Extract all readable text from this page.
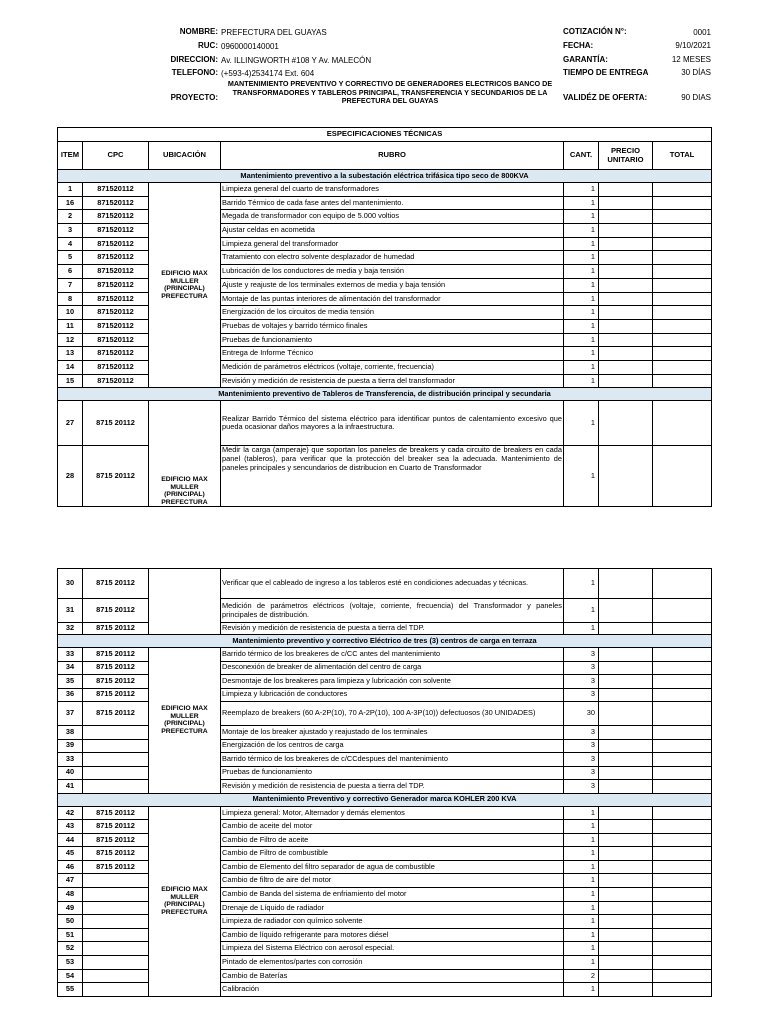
NOMBRE: PREFECTURA DEL GUAYAS
RUC: 0960000140001
DIRECCION: Av. ILLINGWORTH #108 Y Av. MALECÓN
TELEFONO: (+593-4)2534174 Ext. 604
PROYECTO:
MANTENIMIENTO PREVENTIVO Y CORRECTIVO DE GENERADORES ELECTRICOS BANCO DE TRANSFORMADORES Y TABLEROS PRINCIPAL, TRANSFERENCIA Y SECUNDARIOS DE LA PREFECTURA DEL GUAYAS
COTIZACIÓN N°:	0001
FECHA:	9/10/2021
GARANTÍA:	12 MESES
TIEMPO DE ENTREGA	30 DÍAS
VALIDÉZ DE OFERTA:	90 DIAS
ESPECIFICACIONES TÉCNICAS						
ITEM	CPC	UBICACIÓN	RUBRO	CANT.	PRECIO UNITARIO	TOTAL
Mantenimiento preventivo a la subestación eléctrica trifásica tipo seco de 800KVA						
1	871520112	EDIFICIO MAX MULLER (PRINCIPAL) PREFECTURA	Limpieza general del cuarto de transformadores	1		
16	871520112		Barrido Térmico de cada fase antes del mantenimiento.	1		
2	871520112		Megada de transformador con equipo de 5.000 voltios	1		
3	871520112		Ajustar celdas en acometida	1		
4	871520112		Limpieza general del transformador	1		
5	871520112		Tratamiento con electro solvente desplazador de humedad	1		
6	871520112		Lubricación de los conductores de media y baja tensión	1		
7	871520112		Ajuste y reajuste de los terminales externos de media y baja tensión	1		
8	871520112		Montaje de las puntas interiores de alimentación del transformador	1		
10	871520112		Energización de los circuitos de media tensión	1		
11	871520112		Pruebas de voltajes y barrido térmico finales	1		
12	871520112		Pruebas de funcionamiento	1		
13	871520112		Entrega de Informe Técnico	1		
14	871520112		Medición de parámetros eléctricos (voltaje, corriente, frecuencia)	1		
15	871520112		Revisión y medición de resistencia de puesta a tierra del transformador	1		
Mantenimiento preventivo de Tableros de Transferencia, de distribución principal y secundaria						
27	8715 20112	EDIFICIO MAX MULLER (PRINCIPAL) PREFECTURA	Realizar Barrido Térmico del sistema eléctrico para identificar puntos de calentamiento excesivo que pueda ocasionar daños mayores a la infraestructura.	1		
28	8715 20112		Medir la carga (amperaje) que soportan los paneles de breakers y cada circuito de breakers en cada panel (tableros), para verificar que la protección del breaker sea la adecuada. Mantenimiento de paneles principales y sencundarios de distribucion en Cuarto de Transformador	1		
30	8715 20112		Verificar que el cableado de ingreso a los tableros esté en condiciones adecuadas y técnicas.	1		
31	8715 20112		Medición de parámetros eléctricos (voltaje, corriente, frecuencia) del Transformador y paneles principales de distribución.	1		
32	8715 20112		Revisión y medición de resistencia de puesta a tierra del TDP.	1		
Mantenimiento preventivo y correctivo Eléctrico de tres (3) centros de carga en terraza						
33	8715 20112	EDIFICIO MAX MULLER (PRINCIPAL) PREFECTURA	Barrido térmico de los breakeres de c/CC antes del mantenimiento	3		
34	8715 20112		Desconexión de breaker de alimentación del centro de carga	3		
35	8715 20112		Desmontaje de los breakeres para limpieza y lubricación con solvente	3		
36	8715 20112		Limpieza y lubricación de conductores	3		
37	8715 20112		Reemplazo de breakers (60 A-2P(10), 70 A-2P(10), 100 A-3P(10)) defectuosos (30 UNIDADES)	30		
38			Montaje de los breaker ajustado y reajustado de los terminales	3		
39			Energización de los centros de carga	3		
33			Barrido térmico de los breakeres de c/CCdespues del mantenimiento	3		
40			Pruebas de funcionamiento	3		
41			Revisión y medición de resistencia de puesta a tierra del TDP.	3		
Mantenimiento Preventivo y correctivo Generador marca KOHLER 200 KVA						
42	8715 20112	EDIFICIO MAX MULLER (PRINCIPAL) PREFECTURA	Limpieza general: Motor, Alternador y demás elementos	1		
43	8715 20112		Cambio de aceite del motor	1		
44	8715 20112		Cambio de Filtro de aceite	1		
45	8715 20112		Cambio de Filtro de combustible	1		
46	8715 20112		Cambio de Elemento del filtro separador de agua de combustible	1		
47			Cambio de filtro de aire del motor	1		
48			Cambio de Banda del sistema de enfriamiento del motor	1		
49			Drenaje de Líquido de radiador	1		
50			Limpieza de radiador con químico solvente	1		
51			Cambio de líquido refrigerante para motores diésel	1		
52			Limpieza del Sistema Eléctrico con aerosol especial.	1		
53			Pintado de elementos/partes con corrosión	1		
54			Cambio de Baterías	2		
55			Calibración	1		
